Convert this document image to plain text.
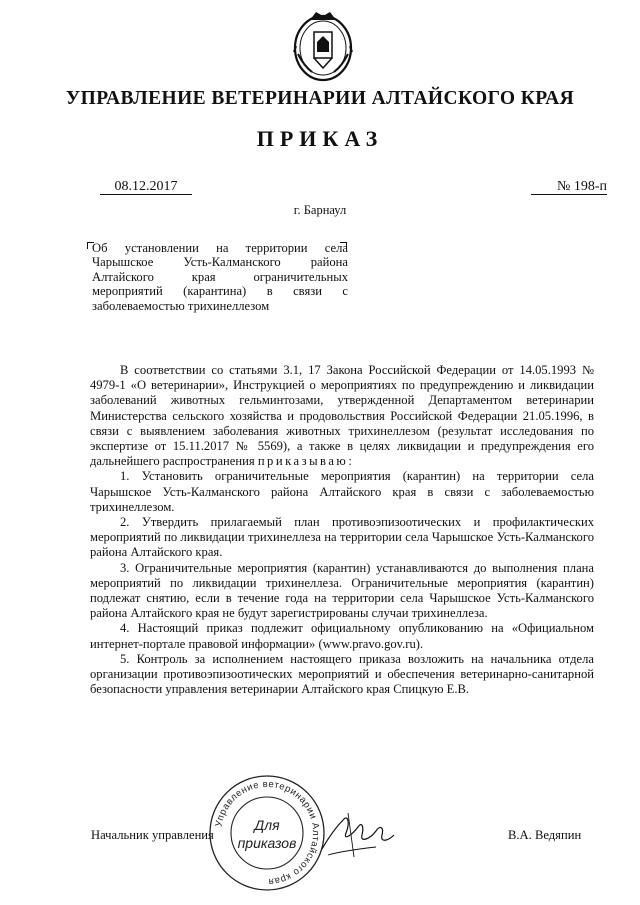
УПРАВЛЕНИЕ ВЕТЕРИНАРИИ АЛТАЙСКОГО КРАЯ
ПРИКАЗ
08.12.2017	№ 198-п
г. Барнаул

Об установлении на территории села Чарышское Усть-Калманского района Алтайского края ограничительных мероприятий (карантина) в связи с заболеваемостью трихинеллезом

В соответствии со статьями 3.1, 17 Закона Российской Федерации от 14.05.1993 № 4979-1 «О ветеринарии», Инструкцией о мероприятиях по предупреждению и ликвидации заболеваний животных гельминтозами, утвержденной Департаментом ветеринарии Министерства сельского хозяйства и продовольствия Российской Федерации 21.05.1996, в связи с выявлением заболевания животных трихинеллезом (результат исследования по экспертизе от 15.11.2017 № 5569), а также в целях ликвидации и предупреждения его дальнейшего распространения приказываю:

1. Установить ограничительные мероприятия (карантин) на территории села Чарышское Усть-Калманского района Алтайского края в связи с заболеваемостью трихинеллезом.

2. Утвердить прилагаемый план противоэпизоотических и профилактических мероприятий по ликвидации трихинеллеза на территории села Чарышское Усть-Калманского района Алтайского края.

3. Ограничительные мероприятия (карантин) устанавливаются до выполнения плана мероприятий по ликвидации трихинеллеза. Ограничительные мероприятия (карантин) подлежат снятию, если в течение года на территории села Чарышское Усть-Калманского района Алтайского края не будут зарегистрированы случаи трихинеллеза.

4. Настоящий приказ подлежит официальному опубликованию на «Официальном интернет-портале правовой информации» (www.pravo.gov.ru).

5. Контроль за исполнением настоящего приказа возложить на начальника отдела организации противоэпизоотических мероприятий и обеспечения ветеринарно-санитарной безопасности управления ветеринарии Алтайского края Спицкую Е.В.

Начальник управления	В.А. Ведяпин
Управление ветеринарии Алтайского края
Для
приказов
